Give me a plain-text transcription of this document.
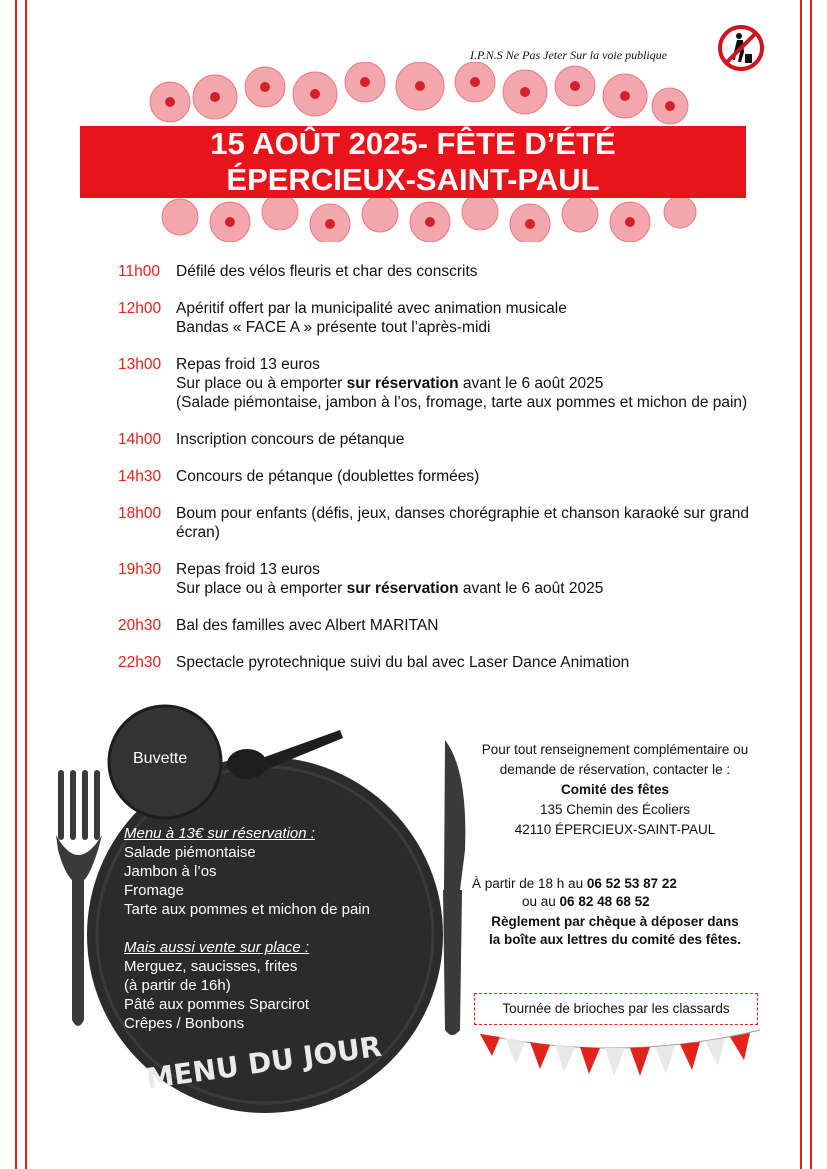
I.P.N.S Ne Pas Jeter Sur la voie publique
15 AOÛT 2025- FÊTE D’ÉTÉ
ÉPERCIEUX-SAINT-PAUL
11h00	Défilé des vélos fleuris et char des conscrits
12h00 Apéritif offert par la municipalité avec animation musicale
Bandas « FACE A » présente tout l’après-midi
13h00 Repas froid 13 euros
Sur place ou à emporter sur réservation avant le 6 août 2025
(Salade piémontaise, jambon à l’os, fromage, tarte aux pommes et michon de pain)
14h00 Inscription concours de pétanque
14h30 Concours de pétanque (doublettes formées)
18h00 Boum pour enfants (défis, jeux, danses chorégraphie et chanson karaoké sur grand écran)
19h30 Repas froid 13 euros
Sur place ou à emporter sur réservation avant le 6 août 2025
20h30 Bal des familles avec Albert MARITAN
22h30 Spectacle pyrotechnique suivi du bal avec Laser Dance Animation
MENU DU JOUR
Buvette
Menu à 13€ sur réservation :
Salade piémontaise
Jambon à l’os
Fromage
Tarte aux pommes et michon de pain
Mais aussi vente sur place :
Merguez, saucisses, frites
(à partir de 16h)
Pâté aux pommes Sparcirot
Crêpes / Bonbons
Pour tout renseignement complémentaire ou demande de réservation, contacter le :
Comité des fêtes
135 Chemin des Écoliers
42110 ÉPERCIEUX-SAINT-PAUL
À partir de 18 h au 06 52 53 87 22
ou au 06 82 48 68 52
Règlement par chèque à déposer dans la boîte aux lettres du comité des fêtes.
Tournée de brioches par les classards
